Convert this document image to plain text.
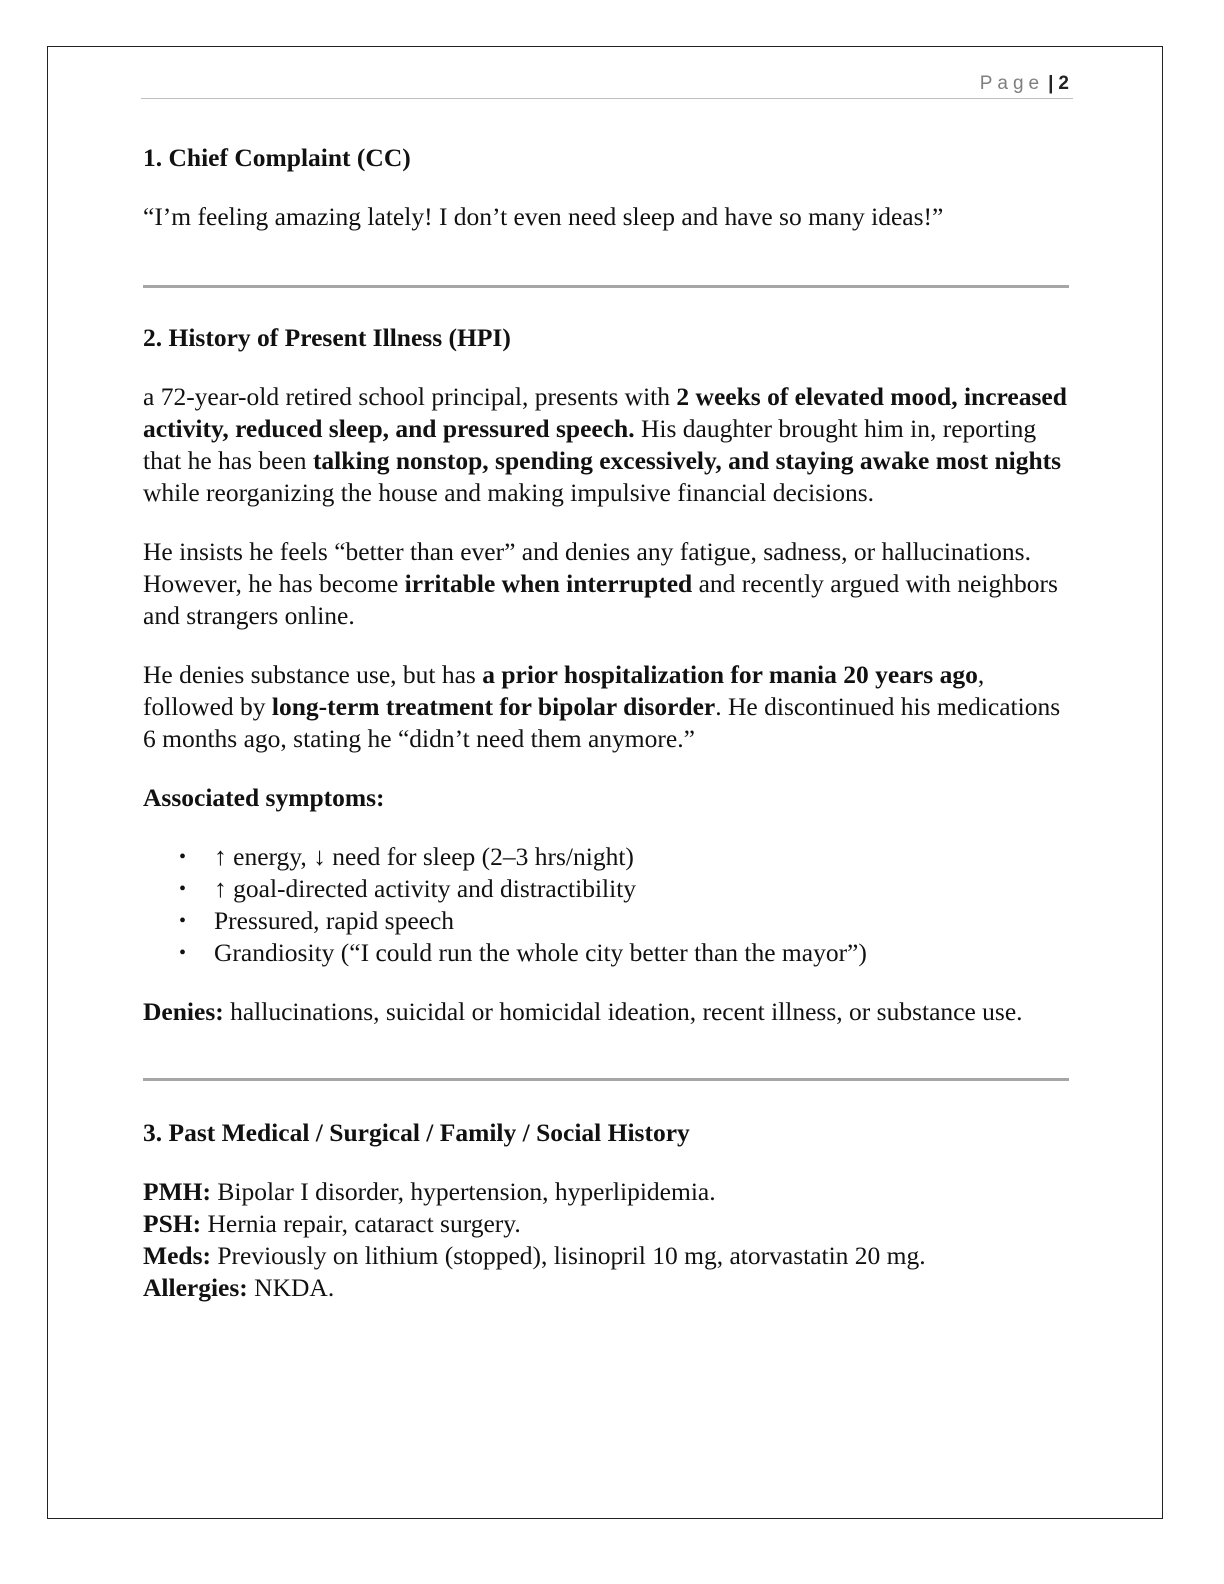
Page | 2
1. Chief Complaint (CC)

“I’m feeling amazing lately! I don’t even need sleep and have so many ideas!”

2. History of Present Illness (HPI)

a 72-year-old retired school principal, presents with 2 weeks of elevated mood, increased activity, reduced sleep, and pressured speech. His daughter brought him in, reporting that he has been talking nonstop, spending excessively, and staying awake most nights while reorganizing the house and making impulsive financial decisions.

He insists he feels “better than ever” and denies any fatigue, sadness, or hallucinations. However, he has become irritable when interrupted and recently argued with neighbors and strangers online.

He denies substance use, but has a prior hospitalization for mania 20 years ago, followed by long-term treatment for bipolar disorder. He discontinued his medications 6 months ago, stating he “didn’t need them anymore.”

Associated symptoms:

• ↑ energy, ↓ need for sleep (2–3 hrs/night)
• ↑ goal-directed activity and distractibility
• Pressured, rapid speech
• Grandiosity (“I could run the whole city better than the mayor”)

Denies: hallucinations, suicidal or homicidal ideation, recent illness, or substance use.

3. Past Medical / Surgical / Family / Social History

PMH: Bipolar I disorder, hypertension, hyperlipidemia.

PSH: Hernia repair, cataract surgery.

Meds: Previously on lithium (stopped), lisinopril 10 mg, atorvastatin 20 mg.

Allergies: NKDA.
